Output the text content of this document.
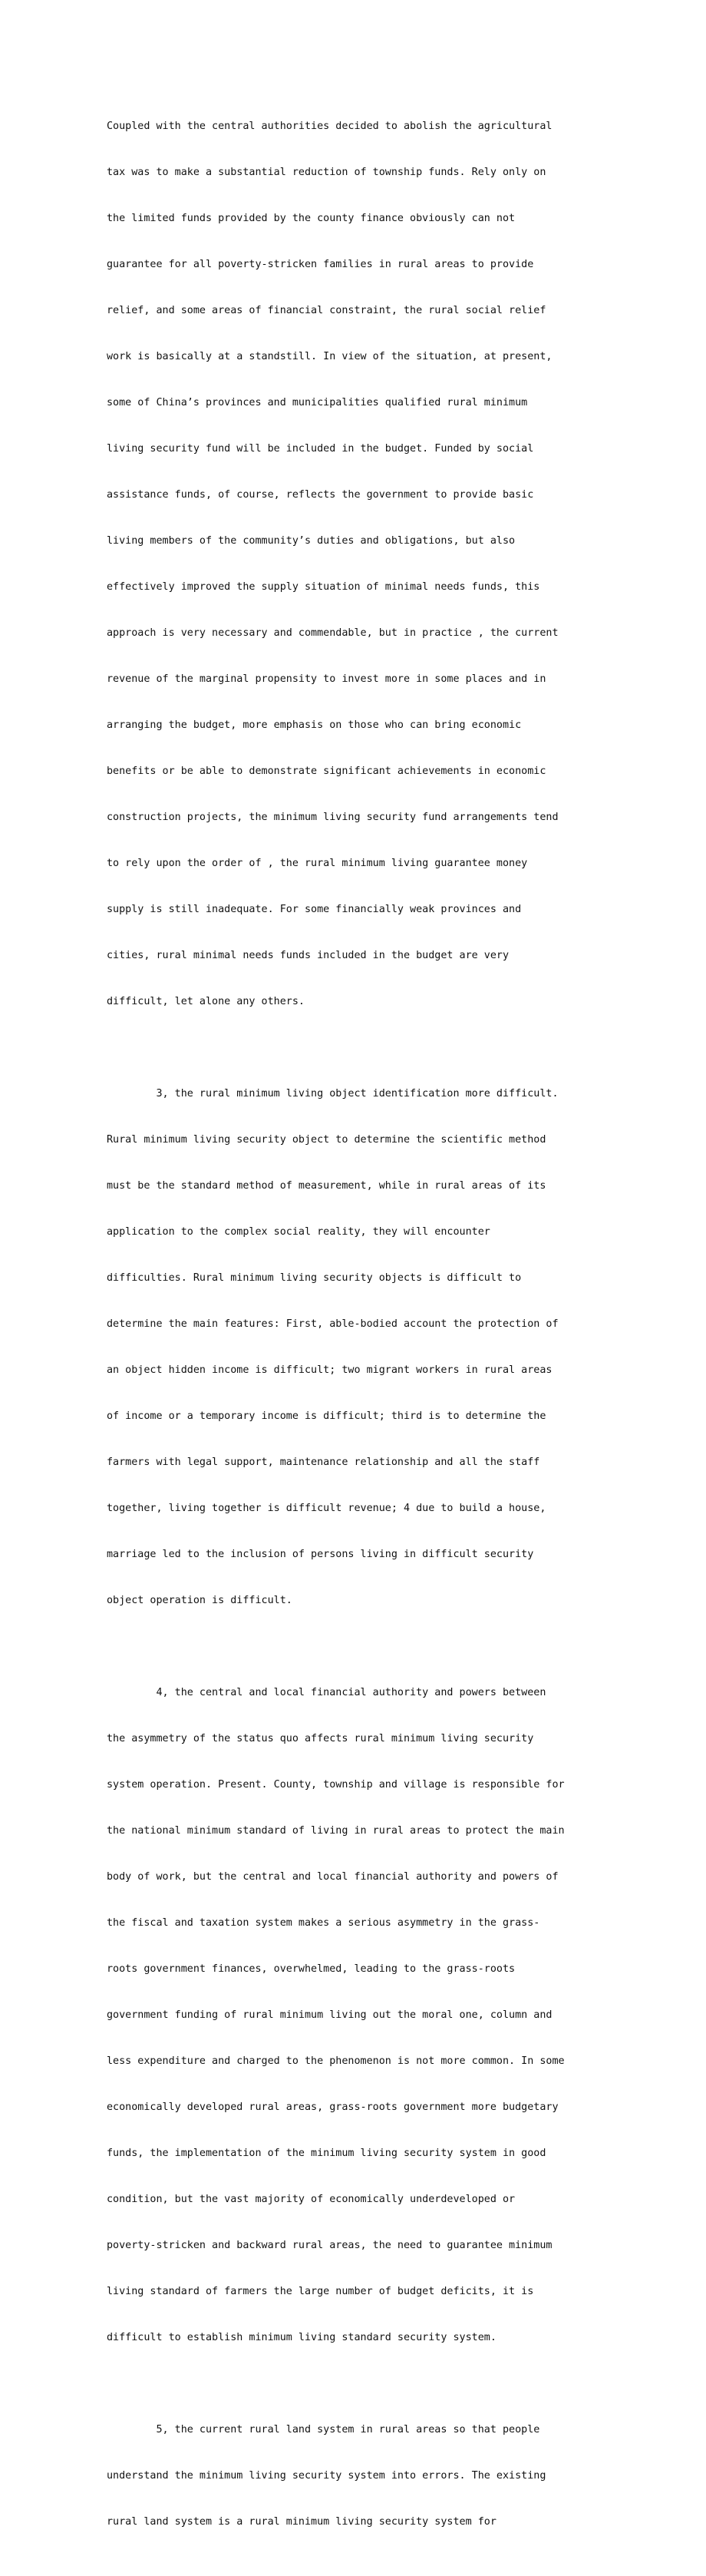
Coupled with the central authorities decided to abolish the agricultural

tax was to make a substantial reduction of township funds. Rely only on

the limited funds provided by the county finance obviously can not

guarantee for all poverty-stricken families in rural areas to provide

relief, and some areas of financial constraint, the rural social relief

work is basically at a standstill. In view of the situation, at present,

some of China’s provinces and municipalities qualified rural minimum

living security fund will be included in the budget. Funded by social

assistance funds, of course, reflects the government to provide basic

living members of the community’s duties and obligations, but also

effectively improved the supply situation of minimal needs funds, this

approach is very necessary and commendable, but in practice , the current

revenue of the marginal propensity to invest more in some places and in

arranging the budget, more emphasis on those who can bring economic

benefits or be able to demonstrate significant achievements in economic

construction projects, the minimum living security fund arrangements tend

to rely upon the order of , the rural minimum living guarantee money

supply is still inadequate. For some financially weak provinces and

cities, rural minimal needs funds included in the budget are very

difficult, let alone any others.

3, the rural minimum living object identification more difficult.

Rural minimum living security object to determine the scientific method

must be the standard method of measurement, while in rural areas of its

application to the complex social reality, they will encounter

difficulties. Rural minimum living security objects is difficult to

determine the main features: First, able-bodied account the protection of

an object hidden income is difficult; two migrant workers in rural areas

of income or a temporary income is difficult; third is to determine the

farmers with legal support, maintenance relationship and all the staff

together, living together is difficult revenue; 4 due to build a house,

marriage led to the inclusion of persons living in difficult security

object operation is difficult.

4, the central and local financial authority and powers between

the asymmetry of the status quo affects rural minimum living security

system operation. Present. County, township and village is responsible for

the national minimum standard of living in rural areas to protect the main

body of work, but the central and local financial authority and powers of

the fiscal and taxation system makes a serious asymmetry in the grass-

roots government finances, overwhelmed, leading to the grass-roots

government funding of rural minimum living out the moral one, column and

less expenditure and charged to the phenomenon is not more common. In some

economically developed rural areas, grass-roots government more budgetary

funds, the implementation of the minimum living security system in good

condition, but the vast majority of economically underdeveloped or

poverty-stricken and backward rural areas, the need to guarantee minimum

living standard of farmers the large number of budget deficits, it is

difficult to establish minimum living standard security system.

5, the current rural land system in rural areas so that people

understand the minimum living security system into errors. The existing

rural land system is a rural minimum living security system for
